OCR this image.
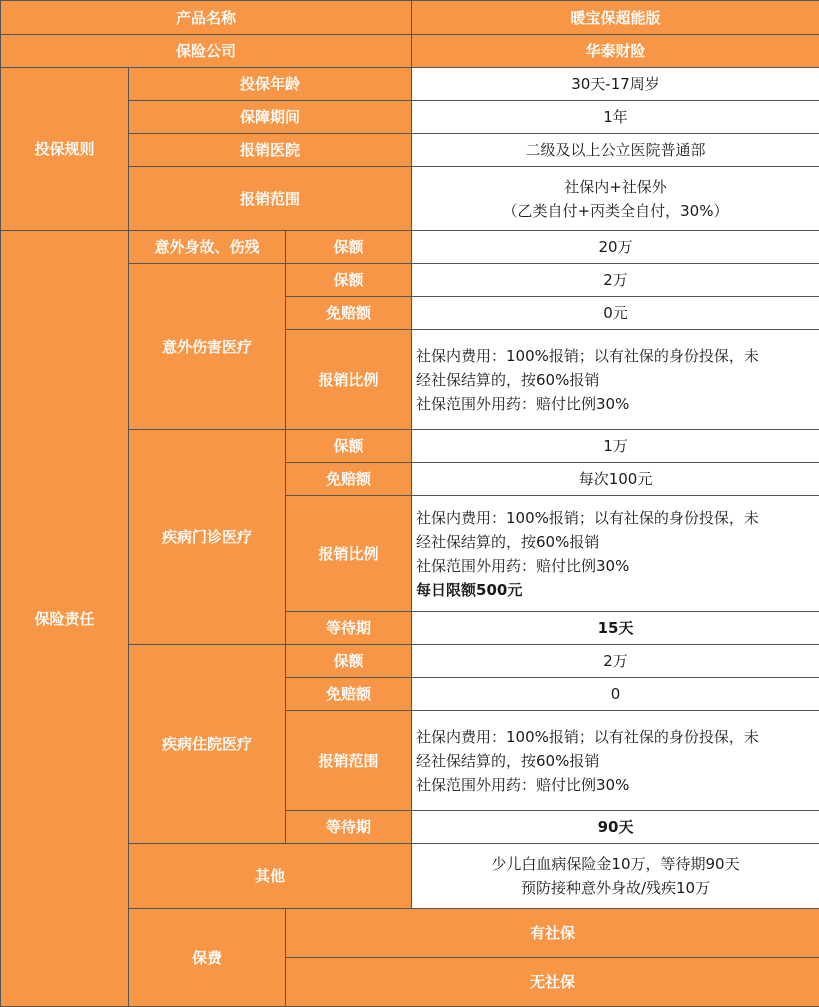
产品名称			暖宝保超能版	
保险公司			华泰财险	
投保规则	投保年龄		30天-17周岁	
	保障期间		1年	
	报销医院		二级及以上公立医院普通部	
	报销范围		社保内+社保外
（乙类自付+丙类全自付，30%）	

保险责任	意外身故、伤残	保额	20万	
	意外伤害医疗	保额	2万	
		免赔额	0元	
		报销比例	社保内费用：100%报销；以有社保的身份投保，未
经社保结算的，按60%报销
社保范围外用药：赔付比例30%	

	疾病门诊医疗	保额	1万	
		免赔额	每次100元	
		报销比例	社保内费用：100%报销；以有社保的身份投保，未
经社保结算的，按60%报销
社保范围外用药：赔付比例30%
每日限额500元	

		等待期	15天	
	疾病住院医疗	保额	2万	
		免赔额	0	
		报销范围	社保内费用：100%报销；以有社保的身份投保，未
经社保结算的，按60%报销
社保范围外用药：赔付比例30%	

		等待期	90天	
	其他		少儿白血病保险金10万，等待期90天
预防接种意外身故/残疾10万	

	保费	有社保	
		无社保	
